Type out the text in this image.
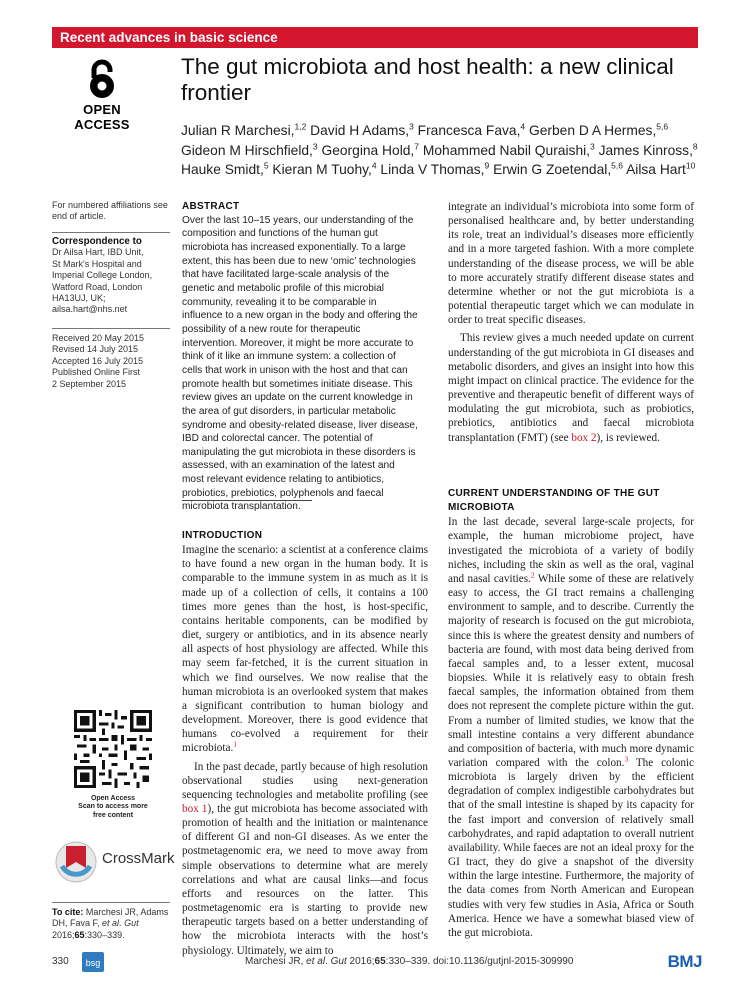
Recent advances in basic science
OPEN ACCESS
The gut microbiota and host health: a new clinical frontier
Julian R Marchesi,$^{1,2}$ David H Adams,$^3$ Francesca Fava,$^4$ Gerben D A Hermes,$^{5,6}$ Gideon M Hirschfield,$^3$ Georgina Hold,$^7$ Mohammed Nabil Quraishi,$^3$ James Kinross,$^8$ Hauke Smidt,$^5$ Kieran M Tuohy,$^4$ Linda V Thomas,$^9$ Erwin G Zoetendal,$^{5,6}$ Ailsa Hart$^{10}$
For numbered affiliations see end of article.
Correspondence to
Dr Ailsa Hart, IBD Unit,
St Mark's Hospital and
Imperial College London,
Watford Road, London
HA13UJ, UK;
ailsa.hart@nhs.net
Received 20 May 2015
Revised 14 July 2015
Accepted 16 July 2015
Published Online First
2 September 2015
Open Access
Scan to access more
free content
CrossMark
To cite: Marchesi JR, Adams DH, Fava F, et al. Gut 2016;65:330–339.
ABSTRACT
Over the last 10–15 years, our understanding of the composition and functions of the human gut microbiota has increased exponentially. To a large extent, this has been due to new ‘omic’ technologies that have facilitated large-scale analysis of the genetic and metabolic profile of this microbial community, revealing it to be comparable in influence to a new organ in the body and offering the possibility of a new route for therapeutic intervention. Moreover, it might be more accurate to think of it like an immune system: a collection of cells that work in unison with the host and that can promote health but sometimes initiate disease. This review gives an update on the current knowledge in the area of gut disorders, in particular metabolic syndrome and obesity-related disease, liver disease, IBD and colorectal cancer. The potential of manipulating the gut microbiota in these disorders is assessed, with an examination of the latest and most relevant evidence relating to antibiotics, probiotics, prebiotics, polyphenols and faecal microbiota transplantation.
INTRODUCTION

Imagine the scenario: a scientist at a conference claims to have found a new organ in the human body. It is comparable to the immune system in as much as it is made up of a collection of cells, it contains a 100 times more genes than the host, is host-specific, contains heritable components, can be modified by diet, surgery or antibiotics, and in its absence nearly all aspects of host physiology are affected. While this may seem far-fetched, it is the current situation in which we find ourselves. We now realise that the human microbiota is an overlooked system that makes a significant contribution to human biology and development. Moreover, there is good evidence that humans co-evolved a requirement for their microbiota.$^1$

In the past decade, partly because of high resolution observational studies using next-generation sequencing technologies and metabolite profiling (see box 1), the gut microbiota has become associated with promotion of health and the initiation or maintenance of different GI and non-GI diseases. As we enter the postmetagenomic era, we need to move away from simple observations to determine what are merely correlations and what are causal links—and focus efforts and resources on the latter. This postmetagenomic era is starting to provide new therapeutic targets based on a better understanding of how the microbiota interacts with the host’s physiology. Ultimately, we aim to

integrate an individual’s microbiota into some form of personalised healthcare and, by better understanding its role, treat an individual’s diseases more efficiently and in a more targeted fashion. With a more complete understanding of the disease process, we will be able to more accurately stratify different disease states and determine whether or not the gut microbiota is a potential therapeutic target which we can modulate in order to treat specific diseases.

This review gives a much needed update on current understanding of the gut microbiota in GI diseases and metabolic disorders, and gives an insight into how this might impact on clinical practice. The evidence for the preventive and therapeutic benefit of different ways of modulating the gut microbiota, such as probiotics, prebiotics, antibiotics and faecal microbiota transplantation (FMT) (see box 2), is reviewed.

CURRENT UNDERSTANDING OF THE GUT MICROBIOTA

In the last decade, several large-scale projects, for example, the human microbiome project, have investigated the microbiota of a variety of bodily niches, including the skin as well as the oral, vaginal and nasal cavities.$^2$ While some of these are relatively easy to access, the GI tract remains a challenging environment to sample, and to describe. Currently the majority of research is focused on the gut microbiota, since this is where the greatest density and numbers of bacteria are found, with most data being derived from faecal samples and, to a lesser extent, mucosal biopsies. While it is relatively easy to obtain fresh faecal samples, the information obtained from them does not represent the complete picture within the gut. From a number of limited studies, we know that the small intestine contains a very different abundance and composition of bacteria, with much more dynamic variation compared with the colon.$^3$ The colonic microbiota is largely driven by the efficient degradation of complex indigestible carbohydrates but that of the small intestine is shaped by its capacity for the fast import and conversion of relatively small carbohydrates, and rapid adaptation to overall nutrient availability. While faeces are not an ideal proxy for the GI tract, they do give a snapshot of the diversity within the large intestine. Furthermore, the majority of the data comes from North American and European studies with very few studies in Asia, Africa or South America. Hence we have a somewhat biased view of the gut microbiota.

330 bsg	Marchesi JR, et al. Gut 2016;65:330–339. doi:10.1136/gutjnl-2015-309990	BMJ
